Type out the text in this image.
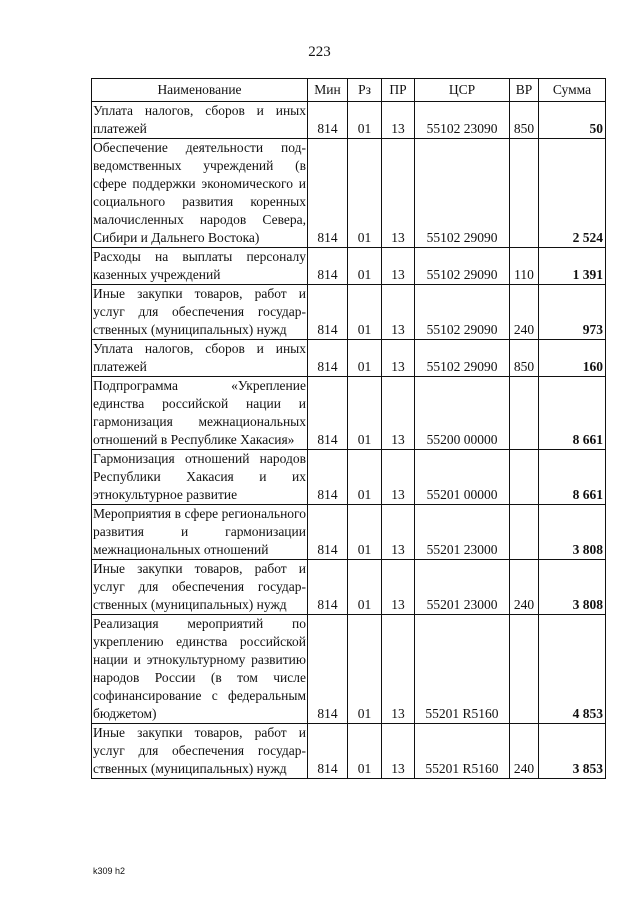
223
Наименование	Мин	Рз	ПР	ЦСР	ВР	Сумма
Уплата налогов, сборов и иных платежей	814	01	13	55102 23090	850	50
Обеспечение деятельности подведомственных учреждений (в сфере поддержки экономического и социального развития коренных малочисленных народов Севера, Сибири и Дальнего Востока)	814	01	13	55102 29090		2 524
Расходы на выплаты персоналу казенных учреждений	814	01	13	55102 29090	110	1 391
Иные закупки товаров, работ и услуг для обеспечения государственных (муниципальных) нужд	814	01	13	55102 29090	240	973
Уплата налогов, сборов и иных платежей	814	01	13	55102 29090	850	160
Подпрограмма «Укрепление единства российской нации и гармонизация межнациональных отношений в Республике Хакасия»	814	01	13	55200 00000		8 661
Гармонизация отношений народов Республики Хакасия и их этнокультурное развитие	814	01	13	55201 00000		8 661
Мероприятия в сфере регионального развития и гармонизации межнациональных отношений	814	01	13	55201 23000		3 808
Иные закупки товаров, работ и услуг для обеспечения государственных (муниципальных) нужд	814	01	13	55201 23000	240	3 808
Реализация мероприятий по укреплению единства российской нации и этнокультурному развитию народов России (в том числе софинансирование с федеральным бюджетом)	814	01	13	55201 R5160		4 853
Иные закупки товаров, работ и услуг для обеспечения государственных (муниципальных) нужд	814	01	13	55201 R5160	240	3 853
k309 h2
